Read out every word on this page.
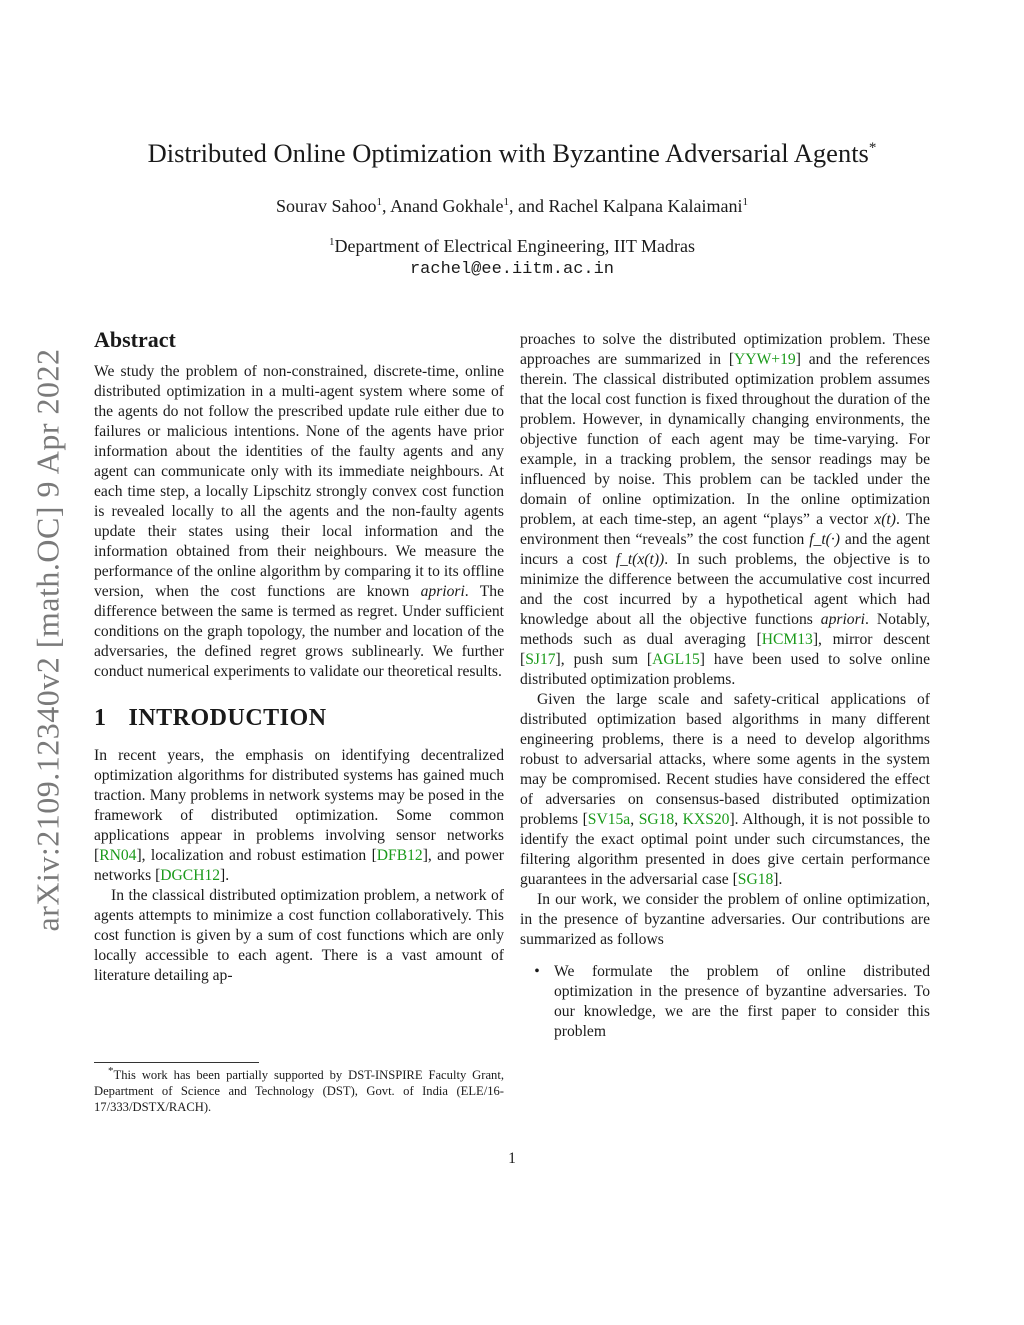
arXiv:2109.12340v2 [math.OC] 9 Apr 2022
Distributed Online Optimization with Byzantine Adversarial Agents*
Sourav Sahoo$^1$, Anand Gokhale$^1$, and Rachel Kalpana Kalaimani$^1$
$^1$Department of Electrical Engineering, IIT Madras
rachel@ee.iitm.ac.in
Abstract

We study the problem of non-constrained, discrete-time, online distributed optimization in a multi-agent system where some of the agents do not follow the prescribed update rule either due to failures or malicious intentions. None of the agents have prior information about the identities of the faulty agents and any agent can communicate only with its immediate neighbours. At each time step, a locally Lipschitz strongly convex cost function is revealed locally to all the agents and the non-faulty agents update their states using their local information and the information obtained from their neighbours. We measure the performance of the online algorithm by comparing it to its offline version, when the cost functions are known apriori. The difference between the same is termed as regret. Under sufficient conditions on the graph topology, the number and location of the adversaries, the defined regret grows sublinearly. We further conduct numerical experiments to validate our theoretical results.

1 INTRODUCTION

In recent years, the emphasis on identifying decentralized optimization algorithms for distributed systems has gained much traction. Many problems in network systems may be posed in the framework of distributed optimization. Some common applications appear in problems involving sensor networks [RN04], localization and robust estimation [DFB12], and power networks [DGCH12].

In the classical distributed optimization problem, a network of agents attempts to minimize a cost function collaboratively. This cost function is given by a sum of cost functions which are only locally accessible to each agent. There is a vast amount of literature detailing ap-

*This work has been partially supported by DST-INSPIRE Faculty Grant, Department of Science and Technology (DST), Govt. of India (ELE/16-17/333/DSTX/RACH).

proaches to solve the distributed optimization problem. These approaches are summarized in [YYW+19] and the references therein. The classical distributed optimization problem assumes that the local cost function is fixed throughout the duration of the problem. However, in dynamically changing environments, the objective function of each agent may be time-varying. For example, in a tracking problem, the sensor readings may be influenced by noise. This problem can be tackled under the domain of online optimization. In the online optimization problem, at each time-step, an agent “plays” a vector x(t). The environment then “reveals” the cost function f_t(·) and the agent incurs a cost f_t(x(t)). In such problems, the objective is to minimize the difference between the accumulative cost incurred and the cost incurred by a hypothetical agent which had knowledge about all the objective functions apriori. Notably, methods such as dual averaging [HCM13], mirror descent [SJ17], push sum [AGL15] have been used to solve online distributed optimization problems.

Given the large scale and safety-critical applications of distributed optimization based algorithms in many different engineering problems, there is a need to develop algorithms robust to adversarial attacks, where some agents in the system may be compromised. Recent studies have considered the effect of adversaries on consensus-based distributed optimization problems [SV15a, SG18, KXS20]. Although, it is not possible to identify the exact optimal point under such circumstances, the filtering algorithm presented in does give certain performance guarantees in the adversarial case [SG18].

In our work, we consider the problem of online optimization, in the presence of byzantine adversaries. Our contributions are summarized as follows

• We formulate the problem of online distributed optimization in the presence of byzantine adversaries. To our knowledge, we are the first paper to consider this problem

1
